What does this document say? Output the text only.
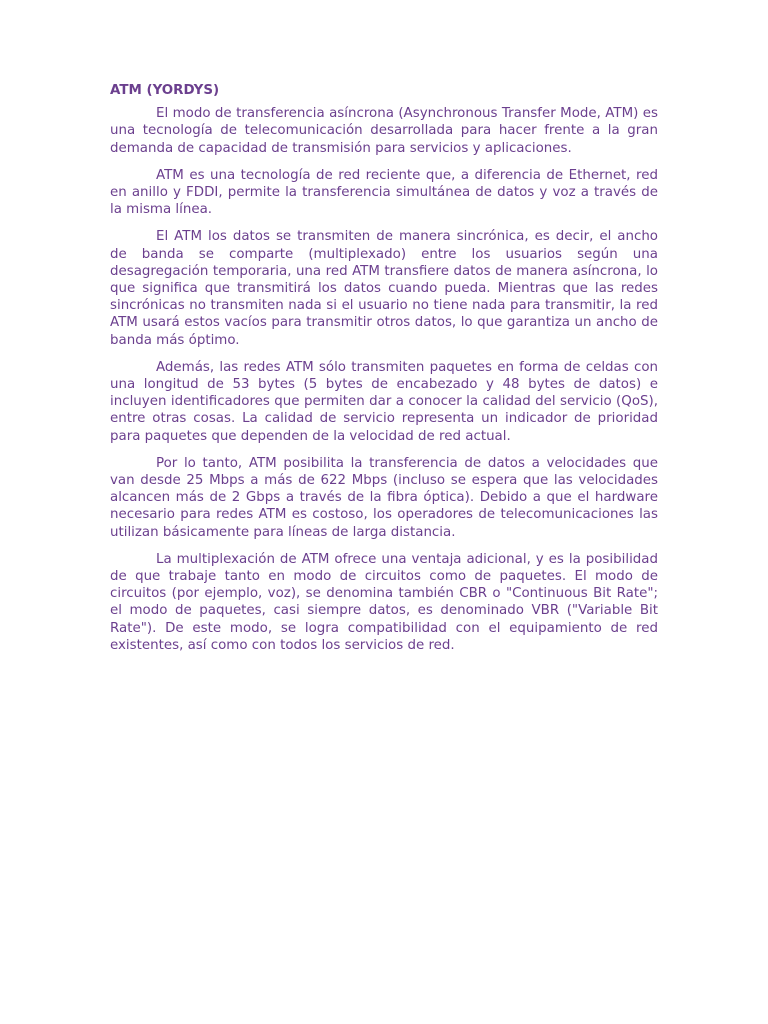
ATM (YORDYS)

El modo de transferencia asíncrona (Asynchronous Transfer Mode, ATM) es una tecnología de telecomunicación desarrollada para hacer frente a la gran demanda de capacidad de transmisión para servicios y aplicaciones.

ATM es una tecnología de red reciente que, a diferencia de Ethernet, red en anillo y FDDI, permite la transferencia simultánea de datos y voz a través de la misma línea.

El ATM los datos se transmiten de manera sincrónica, es decir, el ancho de banda se comparte (multiplexado) entre los usuarios según una desagregación temporaria, una red ATM transfiere datos de manera asíncrona, lo que significa que transmitirá los datos cuando pueda. Mientras que las redes sincrónicas no transmiten nada si el usuario no tiene nada para transmitir, la red ATM usará estos vacíos para transmitir otros datos, lo que garantiza un ancho de banda más óptimo.

Además, las redes ATM sólo transmiten paquetes en forma de celdas con una longitud de 53 bytes (5 bytes de encabezado y 48 bytes de datos) e incluyen identificadores que permiten dar a conocer la calidad del servicio (QoS), entre otras cosas. La calidad de servicio representa un indicador de prioridad para paquetes que dependen de la velocidad de red actual.

Por lo tanto, ATM posibilita la transferencia de datos a velocidades que van desde 25 Mbps a más de 622 Mbps (incluso se espera que las velocidades alcancen más de 2 Gbps a través de la fibra óptica). Debido a que el hardware necesario para redes ATM es costoso, los operadores de telecomunicaciones las utilizan básicamente para líneas de larga distancia.

La multiplexación de ATM ofrece una ventaja adicional, y es la posibilidad de que trabaje tanto en modo de circuitos como de paquetes. El modo de circuitos (por ejemplo, voz), se denomina también CBR o "Continuous Bit Rate"; el modo de paquetes, casi siempre datos, es denominado VBR ("Variable Bit Rate"). De este modo, se logra compatibilidad con el equipamiento de red existentes, así como con todos los servicios de red.
